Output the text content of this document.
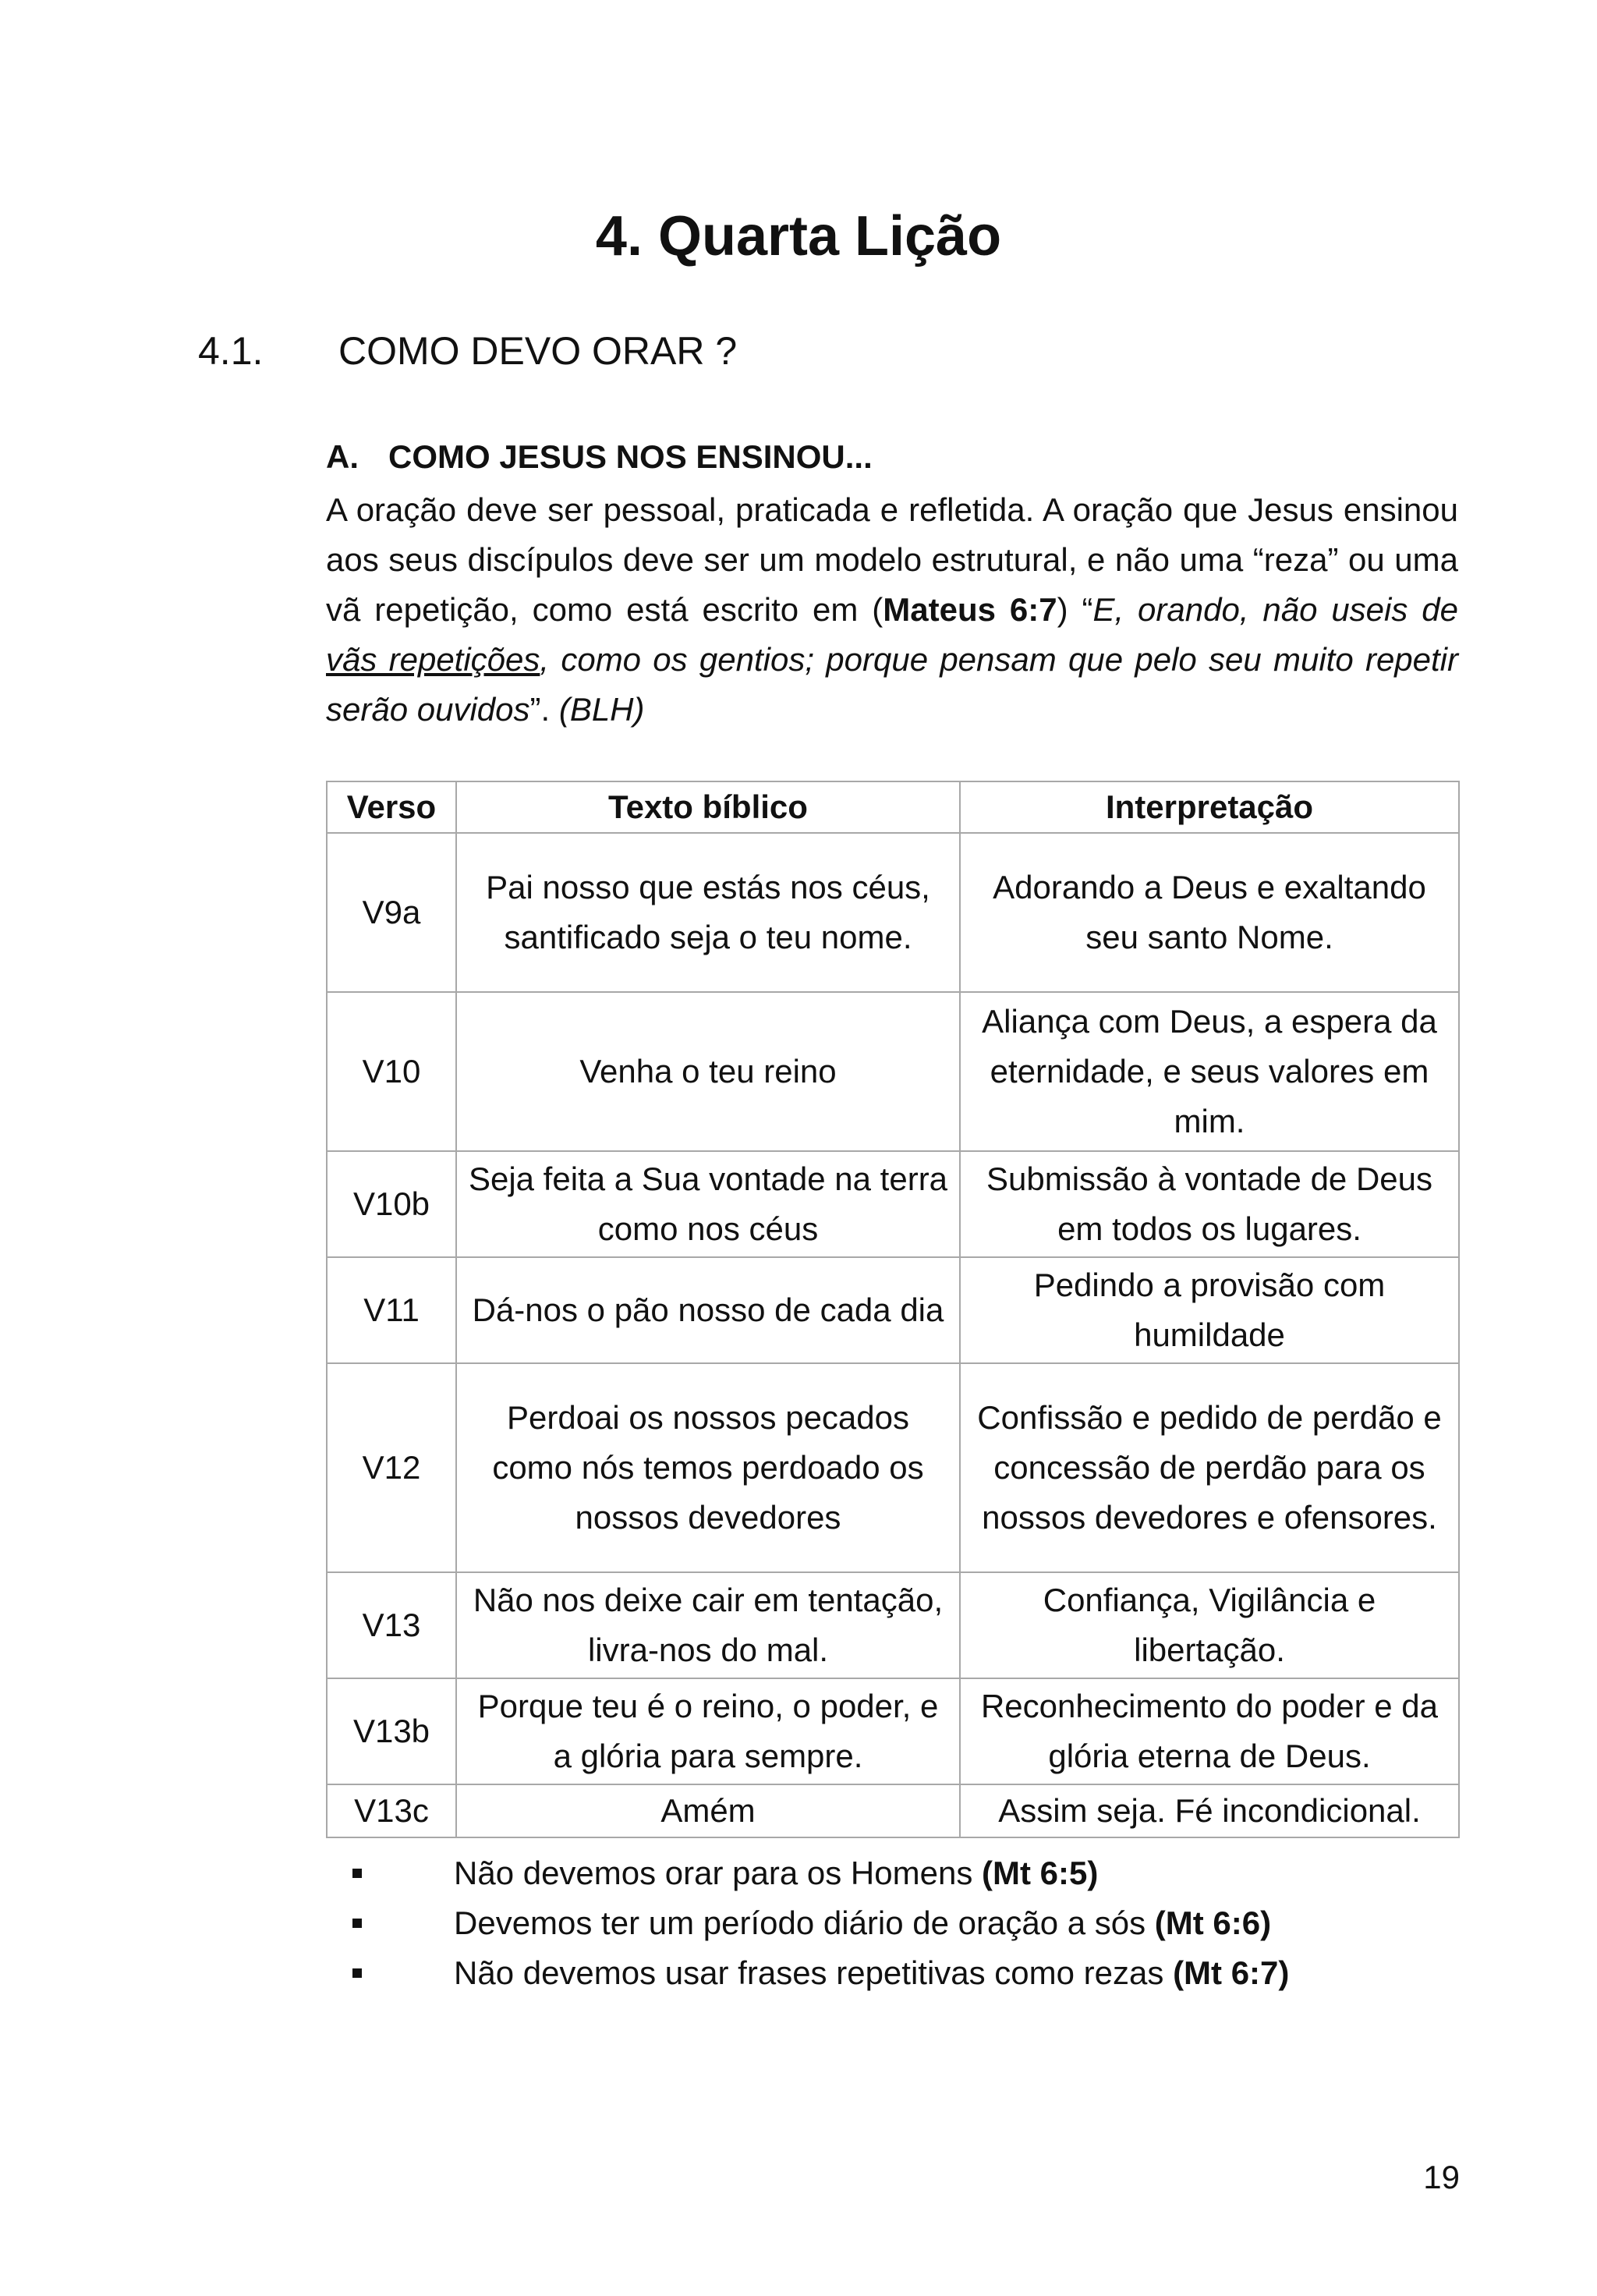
4. Quarta Lição
4.1. COMO DEVO ORAR ?
A. COMO JESUS NOS ENSINOU...

A oração deve ser pessoal, praticada e refletida. A oração que Jesus ensinou aos seus discípulos deve ser um modelo estrutural, e não uma “reza” ou uma vã repetição, como está escrito em (Mateus 6:7) “E, orando, não useis de vãs repetições, como os gentios; porque pensam que pelo seu muito repetir serão ouvidos”. (BLH)

Verso	Texto bíblico	Interpretação
V9a	Pai nosso que estás nos céus, santificado seja o teu nome.	Adorando a Deus e exaltando seu santo Nome.
V10	Venha o teu reino	Aliança com Deus, a espera da eternidade, e seus valores em mim.
V10b	Seja feita a Sua vontade na terra como nos céus	Submissão à vontade de Deus em todos os lugares.
V11	Dá-nos o pão nosso de cada dia	Pedindo a provisão com humildade
V12	Perdoai os nossos pecados como nós temos perdoado os nossos devedores	Confissão e pedido de perdão e concessão de perdão para os nossos devedores e ofensores.
V13	Não nos deixe cair em tentação, livra-nos do mal.	Confiança, Vigilância e libertação.
V13b	Porque teu é o reino, o poder, e a glória para sempre.	Reconhecimento do poder e da glória eterna de Deus.
V13c	Amém	Assim seja. Fé incondicional.
Não devemos orar para os Homens (Mt 6:5)
Devemos ter um período diário de oração a sós (Mt 6:6)
Não devemos usar frases repetitivas como rezas (Mt 6:7)
19
